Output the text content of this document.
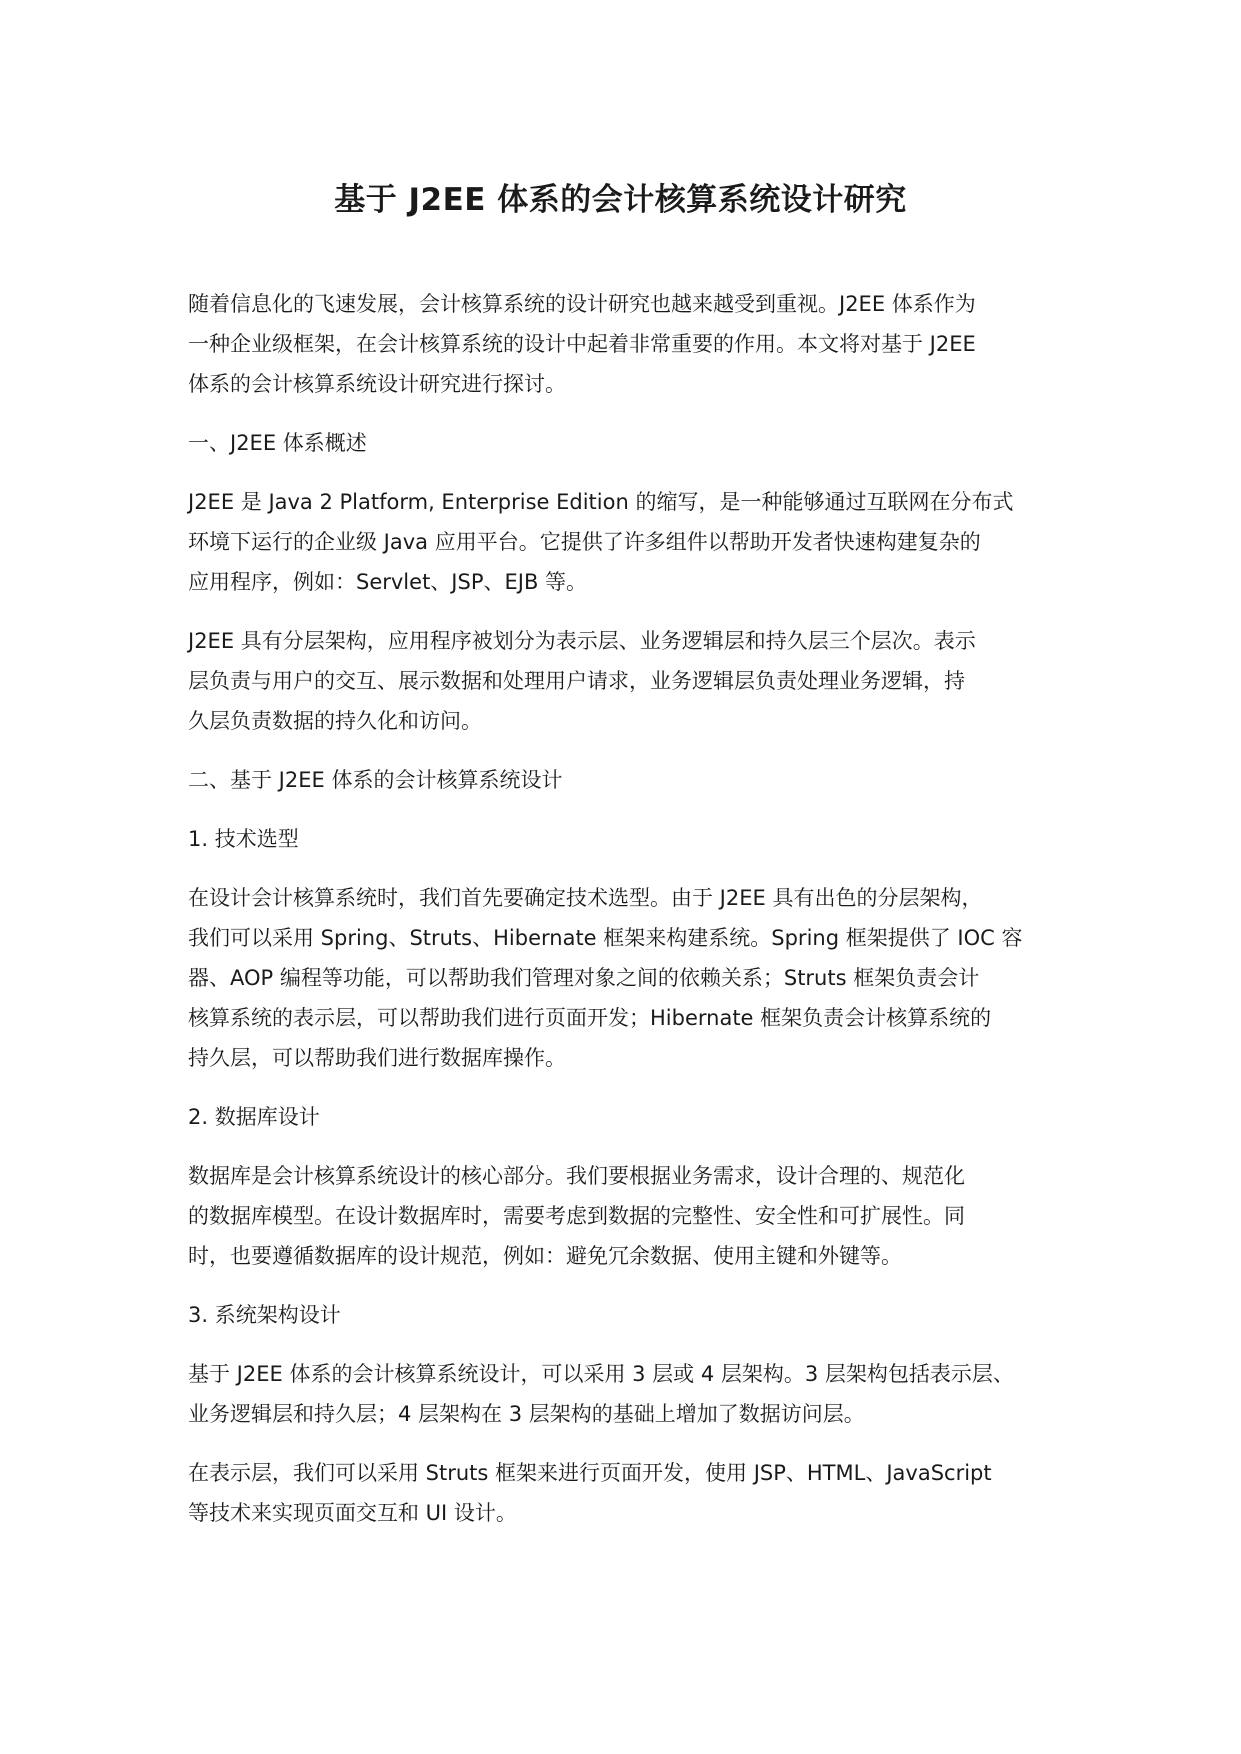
基于 J2EE 体系的会计核算系统设计研究

随着信息化的飞速发展，会计核算系统的设计研究也越来越受到重视。J2EE 体系作为
一种企业级框架，在会计核算系统的设计中起着非常重要的作用。本文将对基于 J2EE
体系的会计核算系统设计研究进行探讨。

一、J2EE 体系概述

J2EE 是 Java 2 Platform, Enterprise Edition 的缩写，是一种能够通过互联网在分布式
环境下运行的企业级 Java 应用平台。它提供了许多组件以帮助开发者快速构建复杂的
应用程序，例如：Servlet、JSP、EJB 等。

J2EE 具有分层架构，应用程序被划分为表示层、业务逻辑层和持久层三个层次。表示
层负责与用户的交互、展示数据和处理用户请求，业务逻辑层负责处理业务逻辑，持
久层负责数据的持久化和访问。

二、基于 J2EE 体系的会计核算系统设计

1. 技术选型

在设计会计核算系统时，我们首先要确定技术选型。由于 J2EE 具有出色的分层架构，
我们可以采用 Spring、Struts、Hibernate 框架来构建系统。Spring 框架提供了 IOC 容
器、AOP 编程等功能，可以帮助我们管理对象之间的依赖关系；Struts 框架负责会计
核算系统的表示层，可以帮助我们进行页面开发；Hibernate 框架负责会计核算系统的
持久层，可以帮助我们进行数据库操作。

2. 数据库设计

数据库是会计核算系统设计的核心部分。我们要根据业务需求，设计合理的、规范化
的数据库模型。在设计数据库时，需要考虑到数据的完整性、安全性和可扩展性。同
时，也要遵循数据库的设计规范，例如：避免冗余数据、使用主键和外键等。

3. 系统架构设计

基于 J2EE 体系的会计核算系统设计，可以采用 3 层或 4 层架构。3 层架构包括表示层、
业务逻辑层和持久层；4 层架构在 3 层架构的基础上增加了数据访问层。

在表示层，我们可以采用 Struts 框架来进行页面开发，使用 JSP、HTML、JavaScript
等技术来实现页面交互和 UI 设计。
